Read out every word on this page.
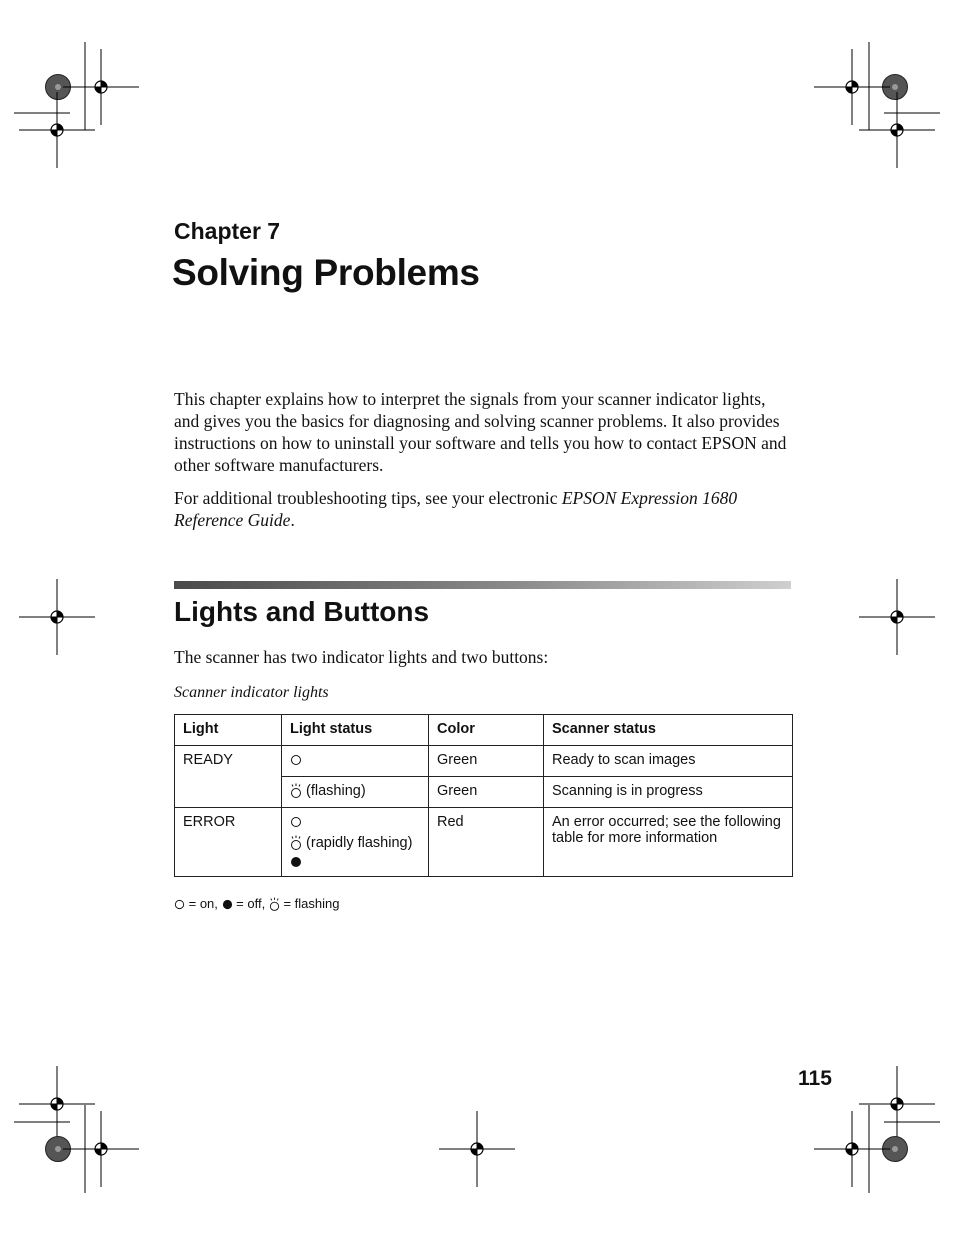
Chapter 7
Solving Problems

This chapter explains how to interpret the signals from your scanner indicator lights, and gives you the basics for diagnosing and solving scanner problems. It also provides instructions on how to uninstall your software and tells you how to contact EPSON and other software manufacturers.

For additional troubleshooting tips, see your electronic EPSON Expression 1680 Reference Guide.

Lights and Buttons
The scanner has two indicator lights and two buttons:
Scanner indicator lights
Light	Light status	Color	Scanner status
READY		Green	Ready to scan images
	(flashing)	Green	Scanning is in progress
ERROR	(rapidly flashing)	Red	An error occurred; see the following table for more information
= on, = off, = flashing
115
